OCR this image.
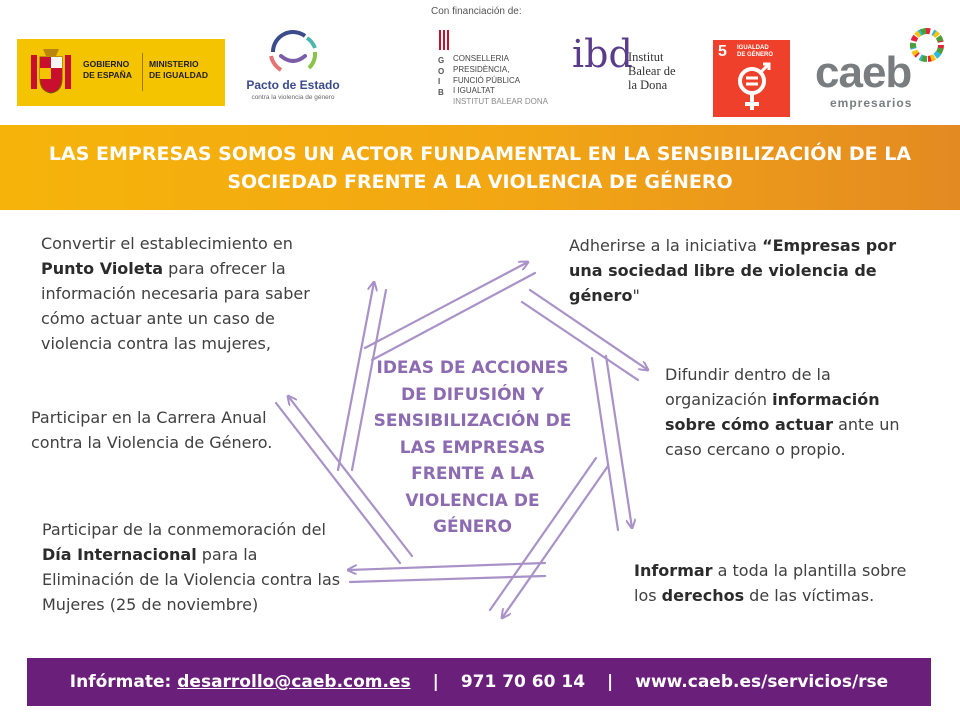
Con financiación de:
GOBIERNO
DE ESPAÑA
MINISTERIO
DE IGUALDAD
Pacto de Estado
contra la violencia de género
G
O
I
B
CONSELLERIA
PRESIDÈNCIA,
FUNCIÓ PÚBLICA
I IGUALTAT
INSTITUT BALEAR DONA
ibd
Institut
Balear de
la Dona
5 IGUALDAD
DE GÉNERO caeb
empresarios
LAS EMPRESAS SOMOS UN ACTOR FUNDAMENTAL EN LA SENSIBILIZACIÓN DE LA SOCIEDAD FRENTE A LA VIOLENCIA DE GÉNERO
IDEAS DE ACCIONES DE DIFUSIÓN Y SENSIBILIZACIÓN DE LAS EMPRESAS FRENTE A LA VIOLENCIA DE GÉNERO
Convertir el establecimiento en Punto Violeta para ofrecer la información necesaria para saber cómo actuar ante un caso de violencia contra las mujeres,
Adherirse a la iniciativa “Empresas por una sociedad libre de violencia de género"
Difundir dentro de la organización información sobre cómo actuar ante un caso cercano o propio.
Participar en la Carrera Anual contra la Violencia de Género.
Participar de la conmemoración del Día Internacional para la Eliminación de la Violencia contra las Mujeres (25 de noviembre)
Informar a toda la plantilla sobre los derechos de las víctimas.
Infórmate:
desarrollo@caeb.com.es | 971 70 60 14 | www.caeb.es/servicios/rse
